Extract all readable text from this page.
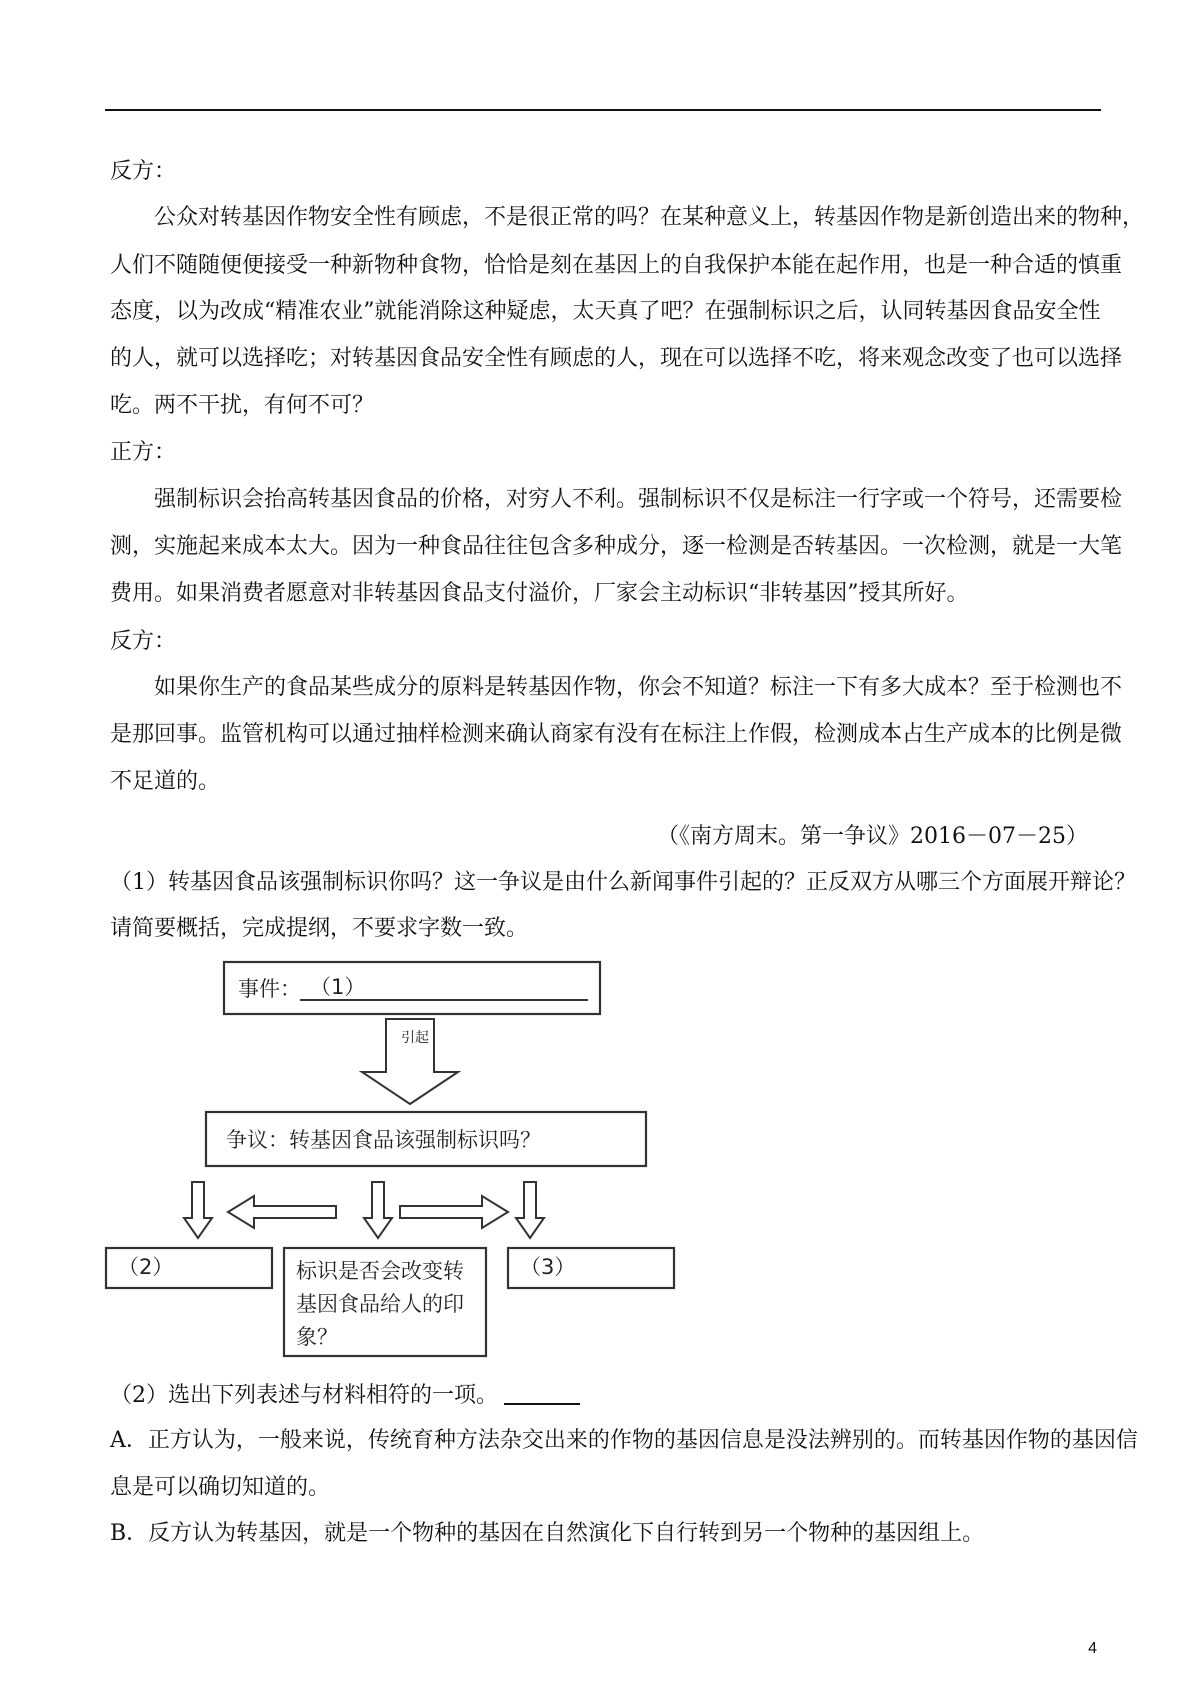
反方：
公众对转基因作物安全性有顾虑，不是很正常的吗？在某种意义上，转基因作物是新创造出来的物种，
人们不随随便便接受一种新物种食物，恰恰是刻在基因上的自我保护本能在起作用，也是一种合适的慎重
态度，以为改成“精准农业”就能消除这种疑虑，太天真了吧？在强制标识之后，认同转基因食品安全性
的人，就可以选择吃；对转基因食品安全性有顾虑的人，现在可以选择不吃，将来观念改变了也可以选择
吃。两不干扰，有何不可？
正方：
强制标识会抬高转基因食品的价格，对穷人不利。强制标识不仅是标注一行字或一个符号，还需要检
测，实施起来成本太大。因为一种食品往往包含多种成分，逐一检测是否转基因。一次检测，就是一大笔
费用。如果消费者愿意对非转基因食品支付溢价，厂家会主动标识“非转基因”授其所好。
反方：
如果你生产的食品某些成分的原料是转基因作物，你会不知道？标注一下有多大成本？至于检测也不
是那回事。监管机构可以通过抽样检测来确认商家有没有在标注上作假，检测成本占生产成本的比例是微
不足道的。
（《南方周末。第一争议》2016－07－25）
（1）转基因食品该强制标识你吗？这一争议是由什么新闻事件引起的？正反双方从哪三个方面展开辩论？
请简要概括，完成提纲，不要求字数一致。
事件： （1）
引起
争议：转基因食品该强制标识吗？
（2）	标识是否会改变转
基因食品给人的印
象？
（3）
（2）选出下列表述与材料相符的一项。
A．正方认为，一般来说，传统育种方法杂交出来的作物的基因信息是没法辨别的。而转基因作物的基因信
息是可以确切知道的。
B．反方认为转基因，就是一个物种的基因在自然演化下自行转到另一个物种的基因组上。
4
